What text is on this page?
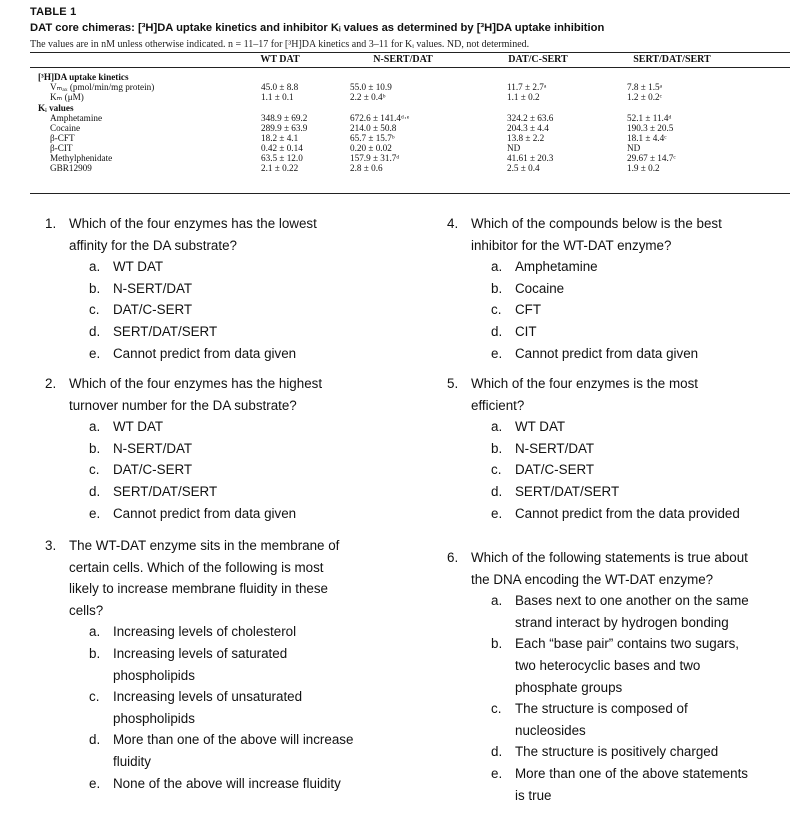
TABLE 1
DAT core chimeras: [³H]DA uptake kinetics and inhibitor Kᵢ values as determined by [³H]DA uptake inhibition
The values are in nM unless otherwise indicated. n = 11–17 for [³H]DA kinetics and 3–11 for Kᵢ values. ND, not determined.
WT DAT	N-SERT/DAT	DAT/C-SERT	SERT/DAT/SERT
[³H]DA uptake kinetics
Vₘₐₓ (pmol/min/mg protein)	45.0 ± 8.8	55.0 ± 10.9	11.7 ± 2.7ᵃ	7.8 ± 1.5ᵃ
Kₘ (μM)	1.1 ± 0.1	2.2 ± 0.4ᵇ	1.1 ± 0.2	1.2 ± 0.2ᶜ
Kᵢ values
Amphetamine	348.9 ± 69.2	672.6 ± 141.4ᵈ·ᵉ	324.2 ± 63.6	52.1 ± 11.4ᵈ
Cocaine	289.9 ± 63.9	214.0 ± 50.8	204.3 ± 4.4	190.3 ± 20.5
β-CFT	18.2 ± 4.1	65.7 ± 15.7ᵇ	13.8 ± 2.2	18.1 ± 4.4ᶜ
β-CIT	0.42 ± 0.14	0.20 ± 0.02	ND	ND
Methylphenidate	63.5 ± 12.0	157.9 ± 31.7ᵈ	41.61 ± 20.3	29.67 ± 14.7ᶜ
GBR12909	2.1 ± 0.22	2.8 ± 0.6	2.5 ± 0.4	1.9 ± 0.2
1. Which of the four enzymes has the lowest
affinity for the DA substrate?
a. WT DAT
b. N-SERT/DAT
c. DAT/C-SERT
d. SERT/DAT/SERT
e. Cannot predict from data given
2. Which of the four enzymes has the highest
turnover number for the DA substrate?
a. WT DAT
b. N-SERT/DAT
c. DAT/C-SERT
d. SERT/DAT/SERT
e. Cannot predict from data given
3. The WT-DAT enzyme sits in the membrane of
certain cells. Which of the following is most
likely to increase membrane fluidity in these
cells?
a. Increasing levels of cholesterol
b. Increasing levels of saturated
phospholipids
c. Increasing levels of unsaturated
phospholipids
d. More than one of the above will increase
fluidity
e. None of the above will increase fluidity
4. Which of the compounds below is the best
inhibitor for the WT-DAT enzyme?
a. Amphetamine
b. Cocaine
c. CFT
d. CIT
e. Cannot predict from data given
5. Which of the four enzymes is the most
efficient?
a. WT DAT
b. N-SERT/DAT
c. DAT/C-SERT
d. SERT/DAT/SERT
e. Cannot predict from the data provided
6. Which of the following statements is true about
the DNA encoding the WT-DAT enzyme?
a. Bases next to one another on the same
strand interact by hydrogen bonding
b. Each “base pair” contains two sugars,
two heterocyclic bases and two
phosphate groups
c. The structure is composed of
nucleosides
d. The structure is positively charged
e. More than one of the above statements
is true
